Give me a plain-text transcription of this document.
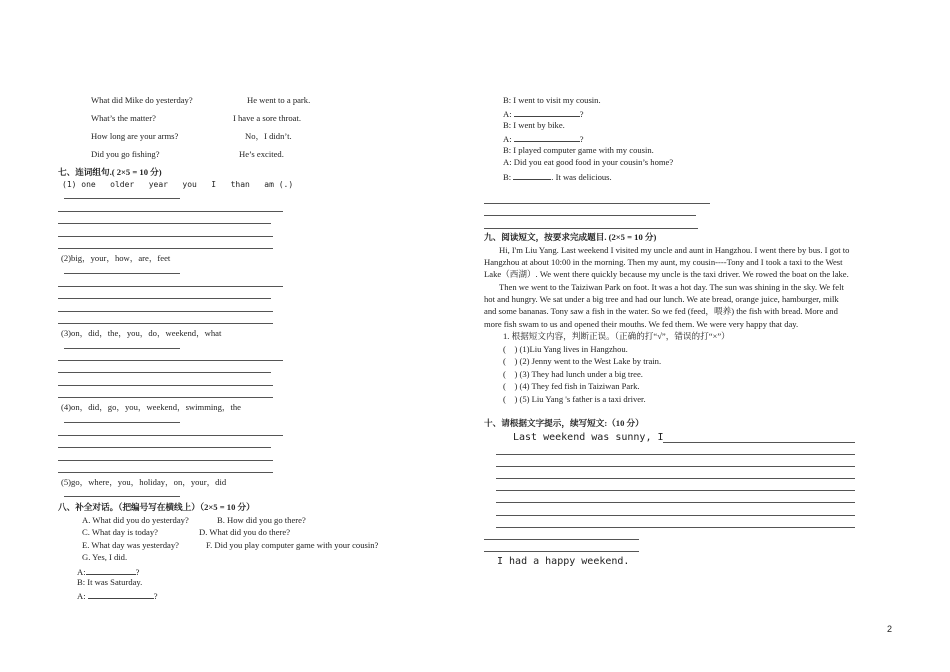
What did Mike do yesterday?	He went to a park.
What’s the matter?	I have a sore throat.
How long are your arms?	No，I didn’t.
Did you go fishing?	He’s excited.
七、连词组句.( 2×5 = 10 分)
(1) one   older   year   you   I   than   am (.)
(2)big，your，how，are，feet
(3)on，did，the，you，do，weekend，what
(4)on，did，go，you，weekend，swimming，the
(5)go，where，you，holiday，on，your，did
八、补全对话。（把编号写在横线上）（2×5 = 10 分）
A. What did you do yesterday?	B. How did you go there?
C. What day is today?	D. What did you do there?
E. What day was yesterday?	F. Did you play computer game with your cousin?
G. Yes, I did.
A:	?
B: It was Saturday.
A:	?
B: I went to visit my cousin.
A:	?
B: I went by bike.
A:	?
B: I played computer game with my cousin.
A: Did you eat good food in your cousin’s home?
B:	. It was delicious.
九、阅读短文，按要求完成题目. (2×5 = 10 分)
Hi, I'm Liu Yang. Last weekend I visited my uncle and aunt in Hangzhou. I went there by bus. I got to
Hangzhou at about 10:00 in the morning. Then my aunt, my cousin----Tony and I took a taxi to the West
Lake（西湖）. We went there quickly because my uncle is the taxi driver. We rowed the boat on the lake.
Then we went to the Taiziwan Park on foot. It was a hot day. The sun was shining in the sky. We felt
hot and hungry. We sat under a big tree and had our lunch. We ate bread, orange juice, hamburger, milk
and some bananas. Tony saw a fish in the water. So we fed (feed，喂养) the fish with bread. More and
more fish swam to us and opened their mouths. We fed them. We were very happy that day.
1. 根据短文内容，判断正误。（正确的打“√”，错误的打“×”）
(    ) (1)Liu Yang lives in Hangzhou.
(    ) (2) Jenny went to the West Lake by train.
(    ) (3) They had lunch under a big tree.
(    ) (4) They fed fish in Taiziwan Park.
(    ) (5) Liu Yang 's father is a taxi driver.
十、请根据文字提示，续写短文:（10 分）
Last weekend was sunny, I
I had a happy weekend.
2
